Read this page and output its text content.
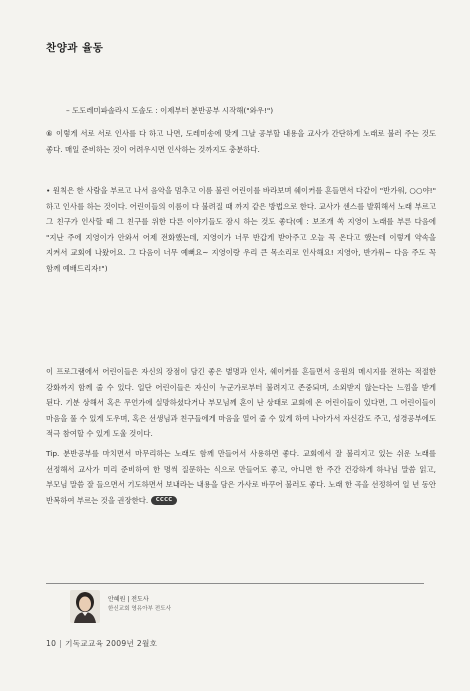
찬양과 율동

– 도도레미파솔라시 도솔도 : 이제부터 분반공부 시작해("와우!")

⑥ 이렇게 서로 서로 인사를 다 하고 나면, 도레미송에 맞게 그날 공부할 내용을 교사가 간단하게 노래로 불러 주는 것도 좋다. 매일 준비하는 것이 어려우시면 인사하는 것까지도 충분하다.

• 원칙은 한 사람을 부르고 나서 음악을 멈추고 이름 불린 어린이를 바라보며 쉐이커를 흔들면서 다같이 "반가워, ○○야!" 하고 인사를 하는 것이다. 어린이들의 이름이 다 불려질 때 까지 같은 방법으로 한다. 교사가 센스를 발휘해서 노래 부르고 그 친구가 인사할 때 그 친구를 위한 다른 이야기들도 잠시 하는 것도 좋다(예 : 보조개 쏙 지영이 노래를 부른 다음에 "지난 주에 지영이가 안와서 어제 전화했는데, 지영이가 너무 반갑게 받아주고 오늘 꼭 온다고 했는데 이렇게 약속을 지켜서 교회에 나왔어요. 그 다음이 너무 예뻐요~ 지영이랑 우리 큰 목소리로 인사해요! 지영아, 반가워~ 다음 주도 꼭 함께 예배드리자!")

이 프로그램에서 어린이들은 자신의 장점이 담긴 좋은 별명과 인사, 쉐이커를 흔들면서 응원의 메시지를 전하는 적절한 강화까지 함께 줄 수 있다. 일단 어린이들은 자신이 누군가로부터 불려지고 존중되며, 소외받지 않는다는 느낌을 받게 된다. 기분 상해서 혹은 무언가에 실망하셨다거나 부모님께 혼이 난 상태로 교회에 온 어린이들이 있다면, 그 어린이들이 마음을 풀 수 있게 도우며, 혹은 선생님과 친구들에게 마음을 열어 줄 수 있게 하여 나아가서 자신감도 주고, 성경공부에도 적극 참여할 수 있게 도울 것이다.

Tip. 분반공부를 마치면서 마무리하는 노래도 함께 만들어서 사용하면 좋다. 교회에서 잘 불리지고 있는 쉬운 노래를 선정해서 교사가 미리 준비하여 한 명씩 질문하는 식으로 만들어도 좋고, 아니면 한 주간 건강하게 하나님 말씀 읽고, 부모님 말씀 잘 들으면서 기도하면서 보내라는 내용을 담은 가사로 바꾸어 불러도 좋다. 노래 한 곡을 선정하여 일 년 동안 반복하여 부르는 것을 권장한다. CCCC

안혜원 | 전도사
한신교회 영유아부 전도사
10 | 기독교교육 2009년 2월호
